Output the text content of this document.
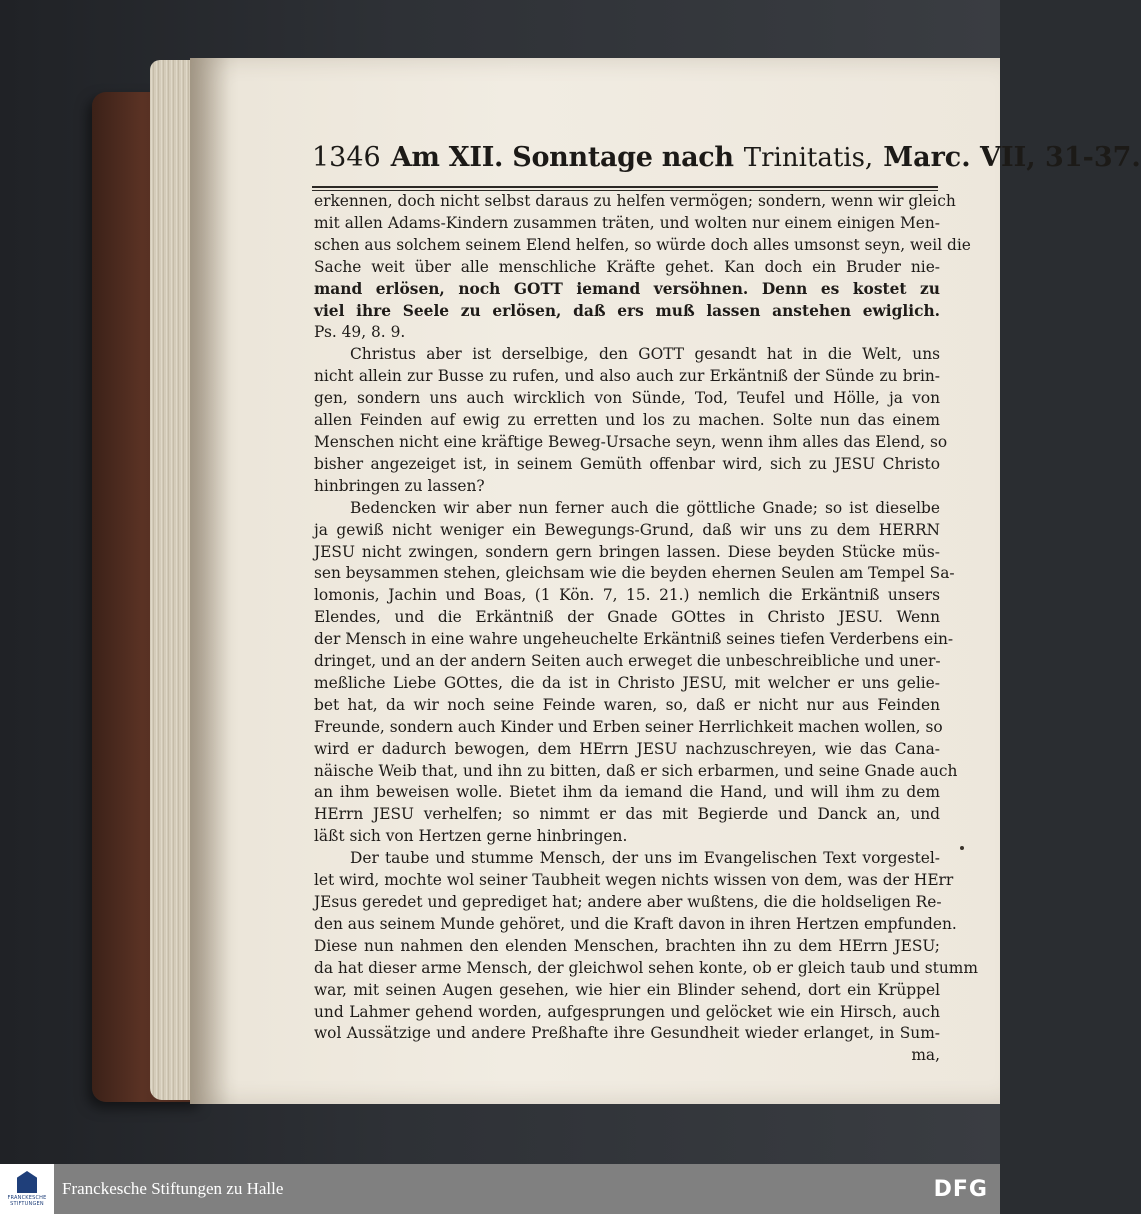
1346 Am XII. Sonntage nach Trinitatis, Marc. VII, 31-37.
erkennen, doch nicht selbst daraus zu helfen vermögen; sondern, wenn wir gleich
mit allen Adams-Kindern zusammen träten, und wolten nur einem einigen Men-
schen aus solchem seinem Elend helfen, so würde doch alles umsonst seyn, weil die
Sache weit über alle menschliche Kräfte gehet. Kan doch ein Bruder nie-
mand erlösen, noch GOTT iemand versöhnen. Denn es kostet zu
viel ihre Seele zu erlösen, daß ers muß lassen anstehen ewiglich.
Ps. 49, 8. 9.
Christus aber ist derselbige, den GOTT gesandt hat in die Welt, uns
nicht allein zur Busse zu rufen, und also auch zur Erkäntniß der Sünde zu brin-
gen, sondern uns auch wircklich von Sünde, Tod, Teufel und Hölle, ja von
allen Feinden auf ewig zu erretten und los zu machen. Solte nun das einem
Menschen nicht eine kräftige Beweg-Ursache seyn, wenn ihm alles das Elend, so
bisher angezeiget ist, in seinem Gemüth offenbar wird, sich zu JESU Christo
hinbringen zu lassen?
Bedencken wir aber nun ferner auch die göttliche Gnade; so ist dieselbe
ja gewiß nicht weniger ein Bewegungs-Grund, daß wir uns zu dem HERRN
JESU nicht zwingen, sondern gern bringen lassen. Diese beyden Stücke müs-
sen beysammen stehen, gleichsam wie die beyden ehernen Seulen am Tempel Sa-
lomonis, Jachin und Boas, (1 Kön. 7, 15. 21.) nemlich die Erkäntniß unsers
Elendes, und die Erkäntniß der Gnade GOttes in Christo JESU. Wenn
der Mensch in eine wahre ungeheuchelte Erkäntniß seines tiefen Verderbens ein-
dringet, und an der andern Seiten auch erweget die unbeschreibliche und uner-
meßliche Liebe GOttes, die da ist in Christo JESU, mit welcher er uns gelie-
bet hat, da wir noch seine Feinde waren, so, daß er nicht nur aus Feinden
Freunde, sondern auch Kinder und Erben seiner Herrlichkeit machen wollen, so
wird er dadurch bewogen, dem HErrn JESU nachzuschreyen, wie das Cana-
näische Weib that, und ihn zu bitten, daß er sich erbarmen, und seine Gnade auch
an ihm beweisen wolle. Bietet ihm da iemand die Hand, und will ihm zu dem
HErrn JESU verhelfen; so nimmt er das mit Begierde und Danck an, und
läßt sich von Hertzen gerne hinbringen.
Der taube und stumme Mensch, der uns im Evangelischen Text vorgestel-
let wird, mochte wol seiner Taubheit wegen nichts wissen von dem, was der HErr
JEsus geredet und geprediget hat; andere aber wußtens, die die holdseligen Re-
den aus seinem Munde gehöret, und die Kraft davon in ihren Hertzen empfunden.
Diese nun nahmen den elenden Menschen, brachten ihn zu dem HErrn JESU;
da hat dieser arme Mensch, der gleichwol sehen konte, ob er gleich taub und stumm
war, mit seinen Augen gesehen, wie hier ein Blinder sehend, dort ein Krüppel
und Lahmer gehend worden, aufgesprungen und gelöcket wie ein Hirsch, auch
wol Aussätzige und andere Preßhafte ihre Gesundheit wieder erlanget, in Sum-
ma,
FRANCKESCHE STIFTUNGEN
Franckesche Stiftungen zu Halle	DFG
